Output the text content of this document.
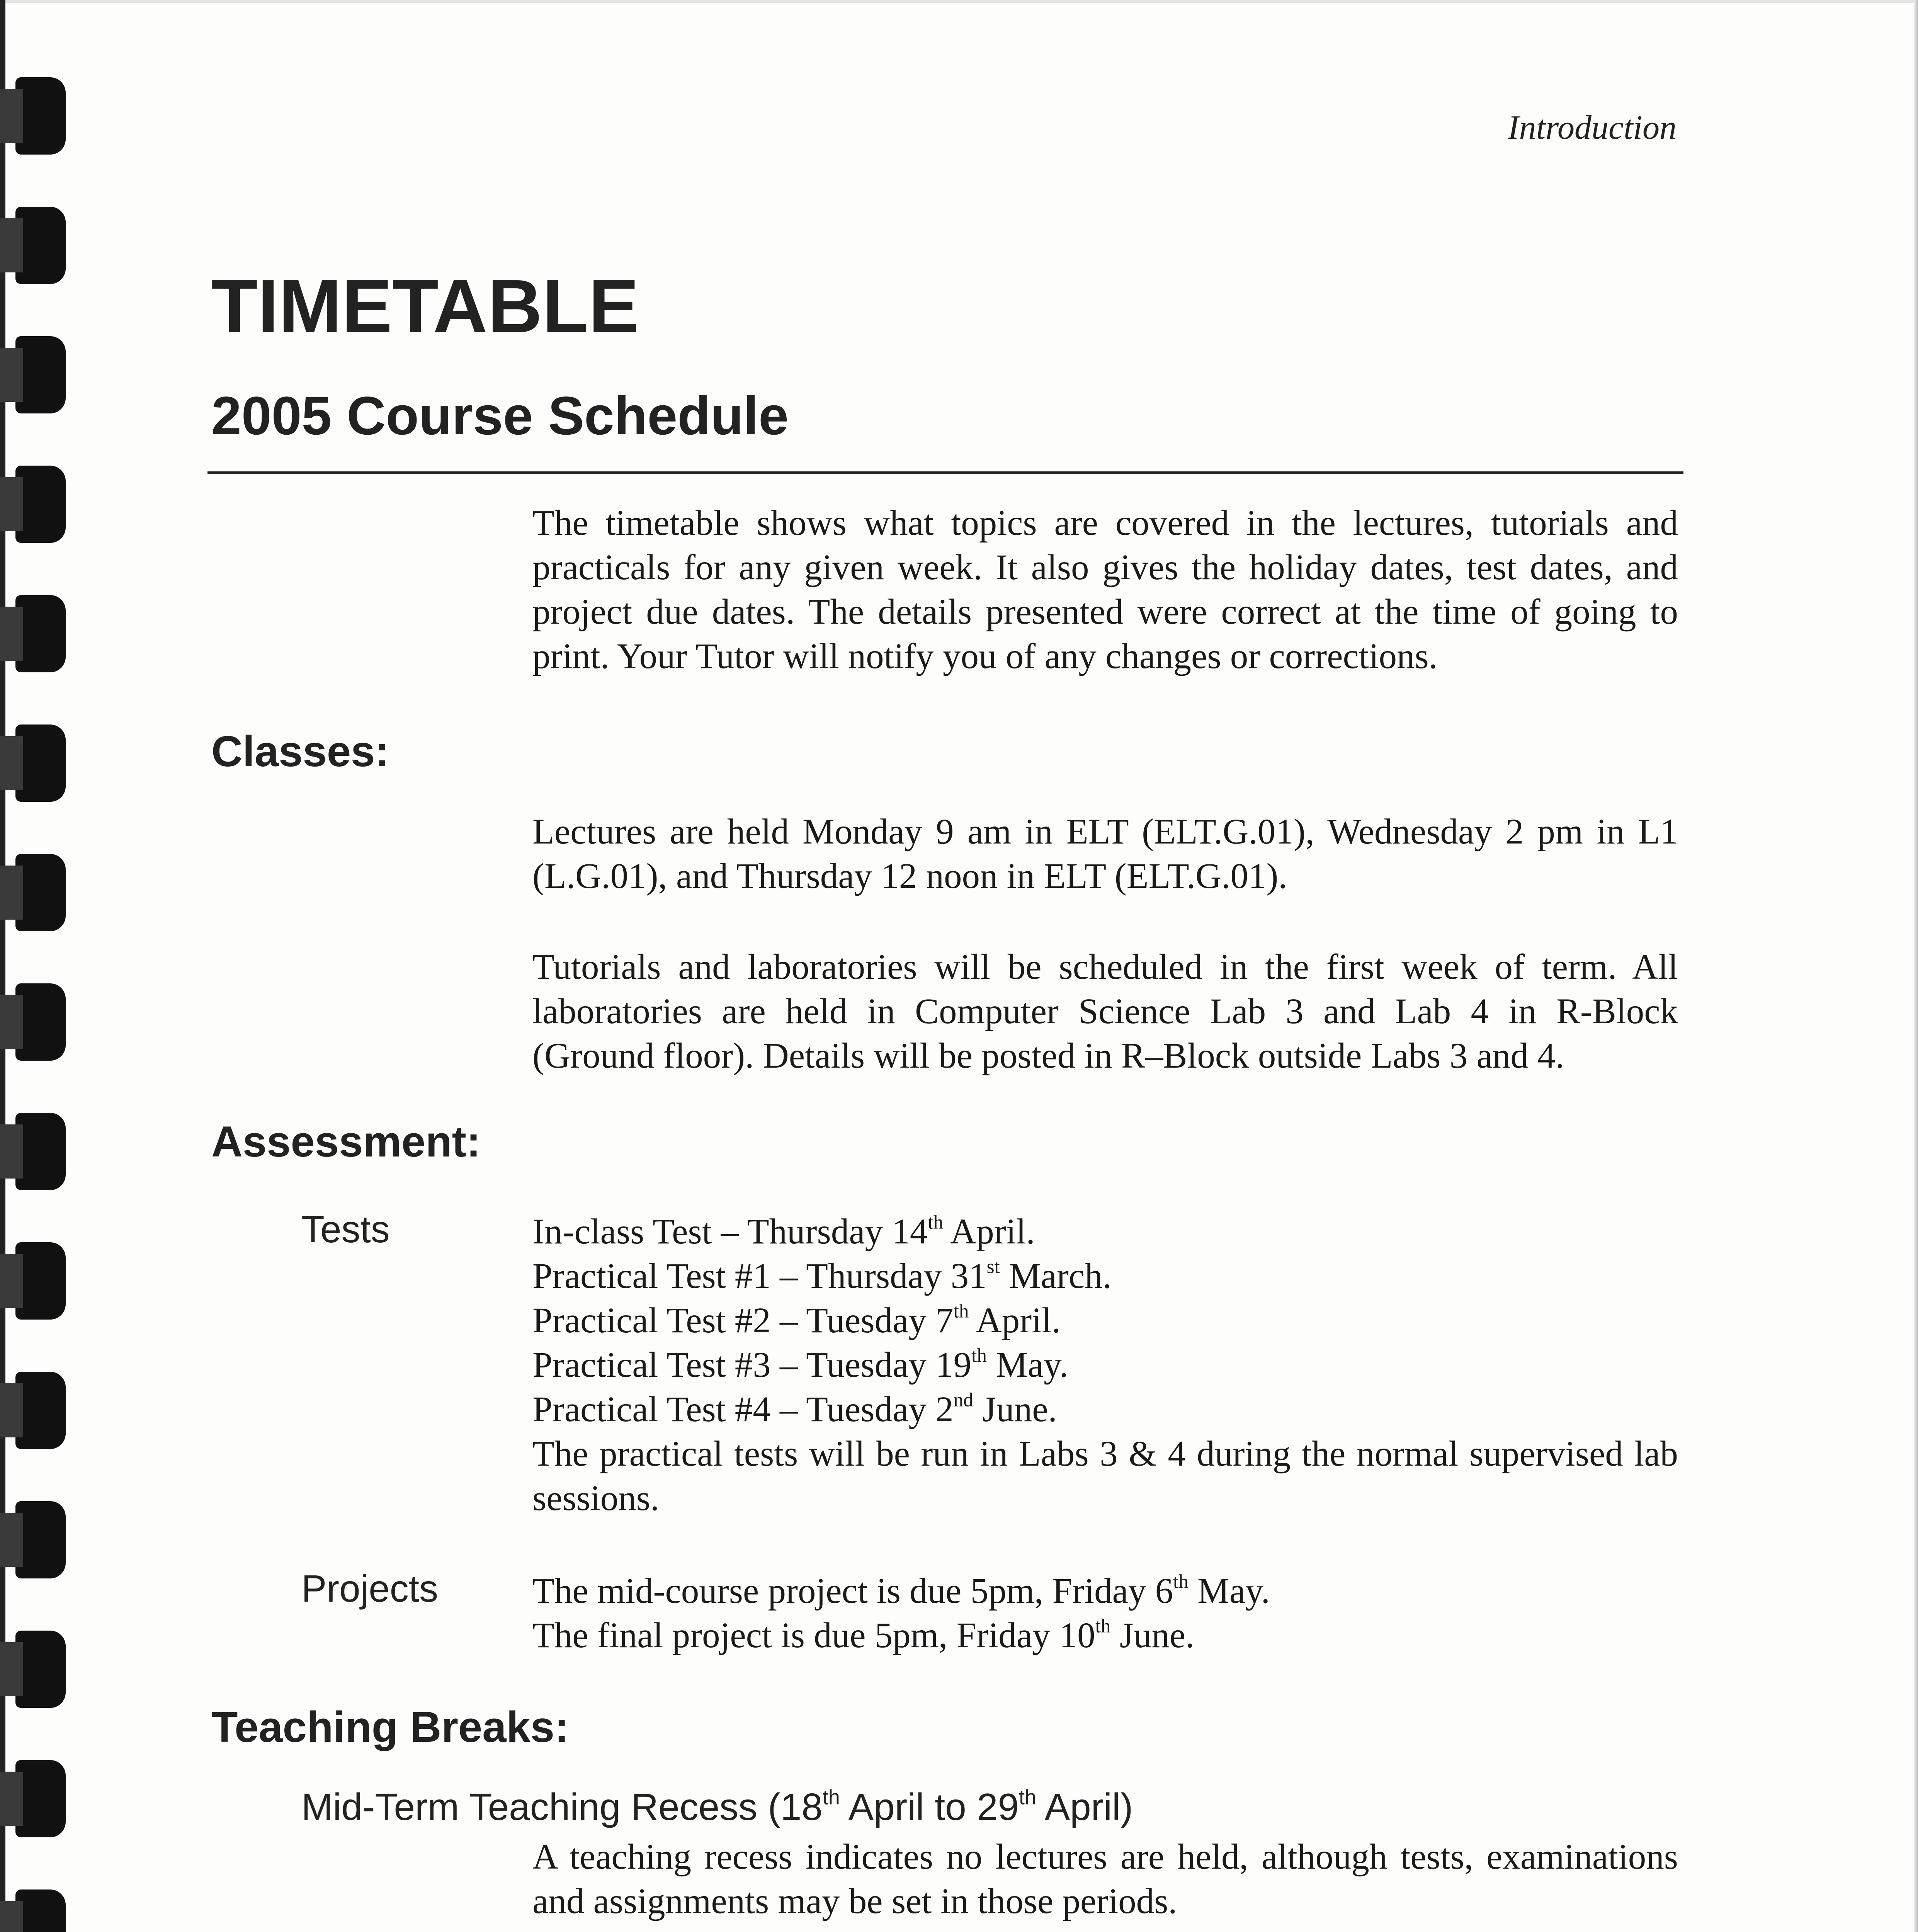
Introduction
TIMETABLE
2005 Course Schedule

The timetable shows what topics are covered in the lectures, tutorials and practicals for any given week. It also gives the holiday dates, test dates, and project due dates. The details presented were correct at the time of going to print. Your Tutor will notify you of any changes or corrections.

Classes:

Lectures are held Monday 9 am in ELT (ELT.G.01), Wednesday 2 pm in L1 (L.G.01), and Thursday 12 noon in ELT (ELT.G.01).

Tutorials and laboratories will be scheduled in the first week of term. All laboratories are held in Computer Science Lab 3 and Lab 4 in R-Block (Ground floor). Details will be posted in R–Block outside Labs 3 and 4.

Assessment:
Tests	In-class Test – Thursday 14th April.
Practical Test #1 – Thursday 31st March.
Practical Test #2 – Tuesday 7th April.
Practical Test #3 – Tuesday 19th May.
Practical Test #4 – Tuesday 2nd June.

The practical tests will be run in Labs 3 & 4 during the normal supervised lab sessions.

Projects	The mid-course project is due 5pm, Friday 6th May.
The final project is due 5pm, Friday 10th June.
Teaching Breaks:
Mid-Term Teaching Recess (18th April to 29th April)

A teaching recess indicates no lectures are held, although tests, examinations and assignments may be set in those periods.
